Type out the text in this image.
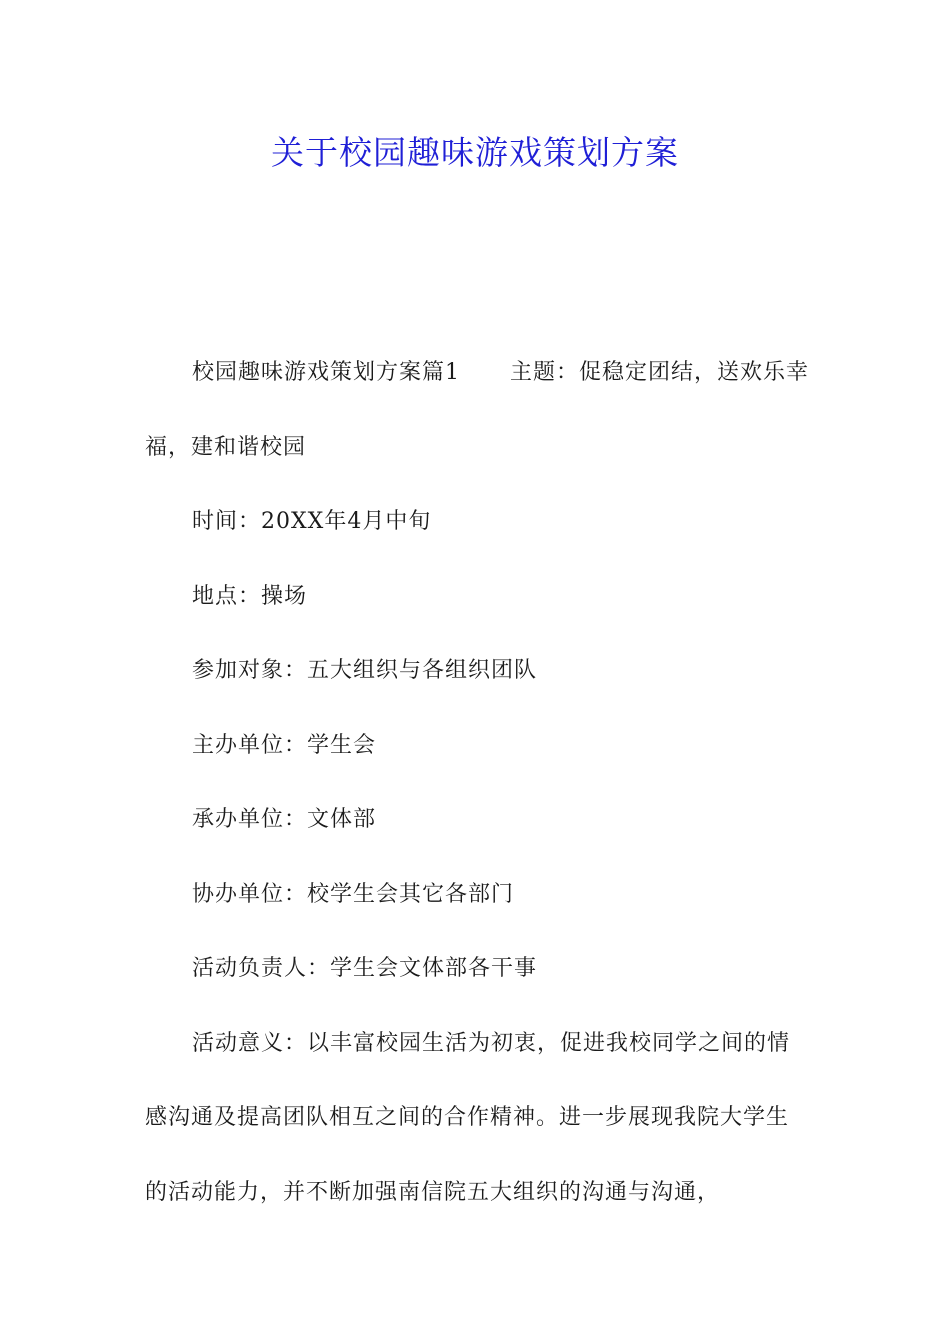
关于校园趣味游戏策划方案

校园趣味游戏策划方案篇1 主题：促稳定团结，送欢乐幸福，建和谐校园

时间：20XX年4月中旬

地点：操场

参加对象：五大组织与各组织团队

主办单位：学生会

承办单位：文体部

协办单位：校学生会其它各部门

活动负责人：学生会文体部各干事

活动意义：以丰富校园生活为初衷，促进我校同学之间的情感沟通及提高团队相互之间的合作精神。进一步展现我院大学生的活动能力，并不断加强南信院五大组织的沟通与沟通，
